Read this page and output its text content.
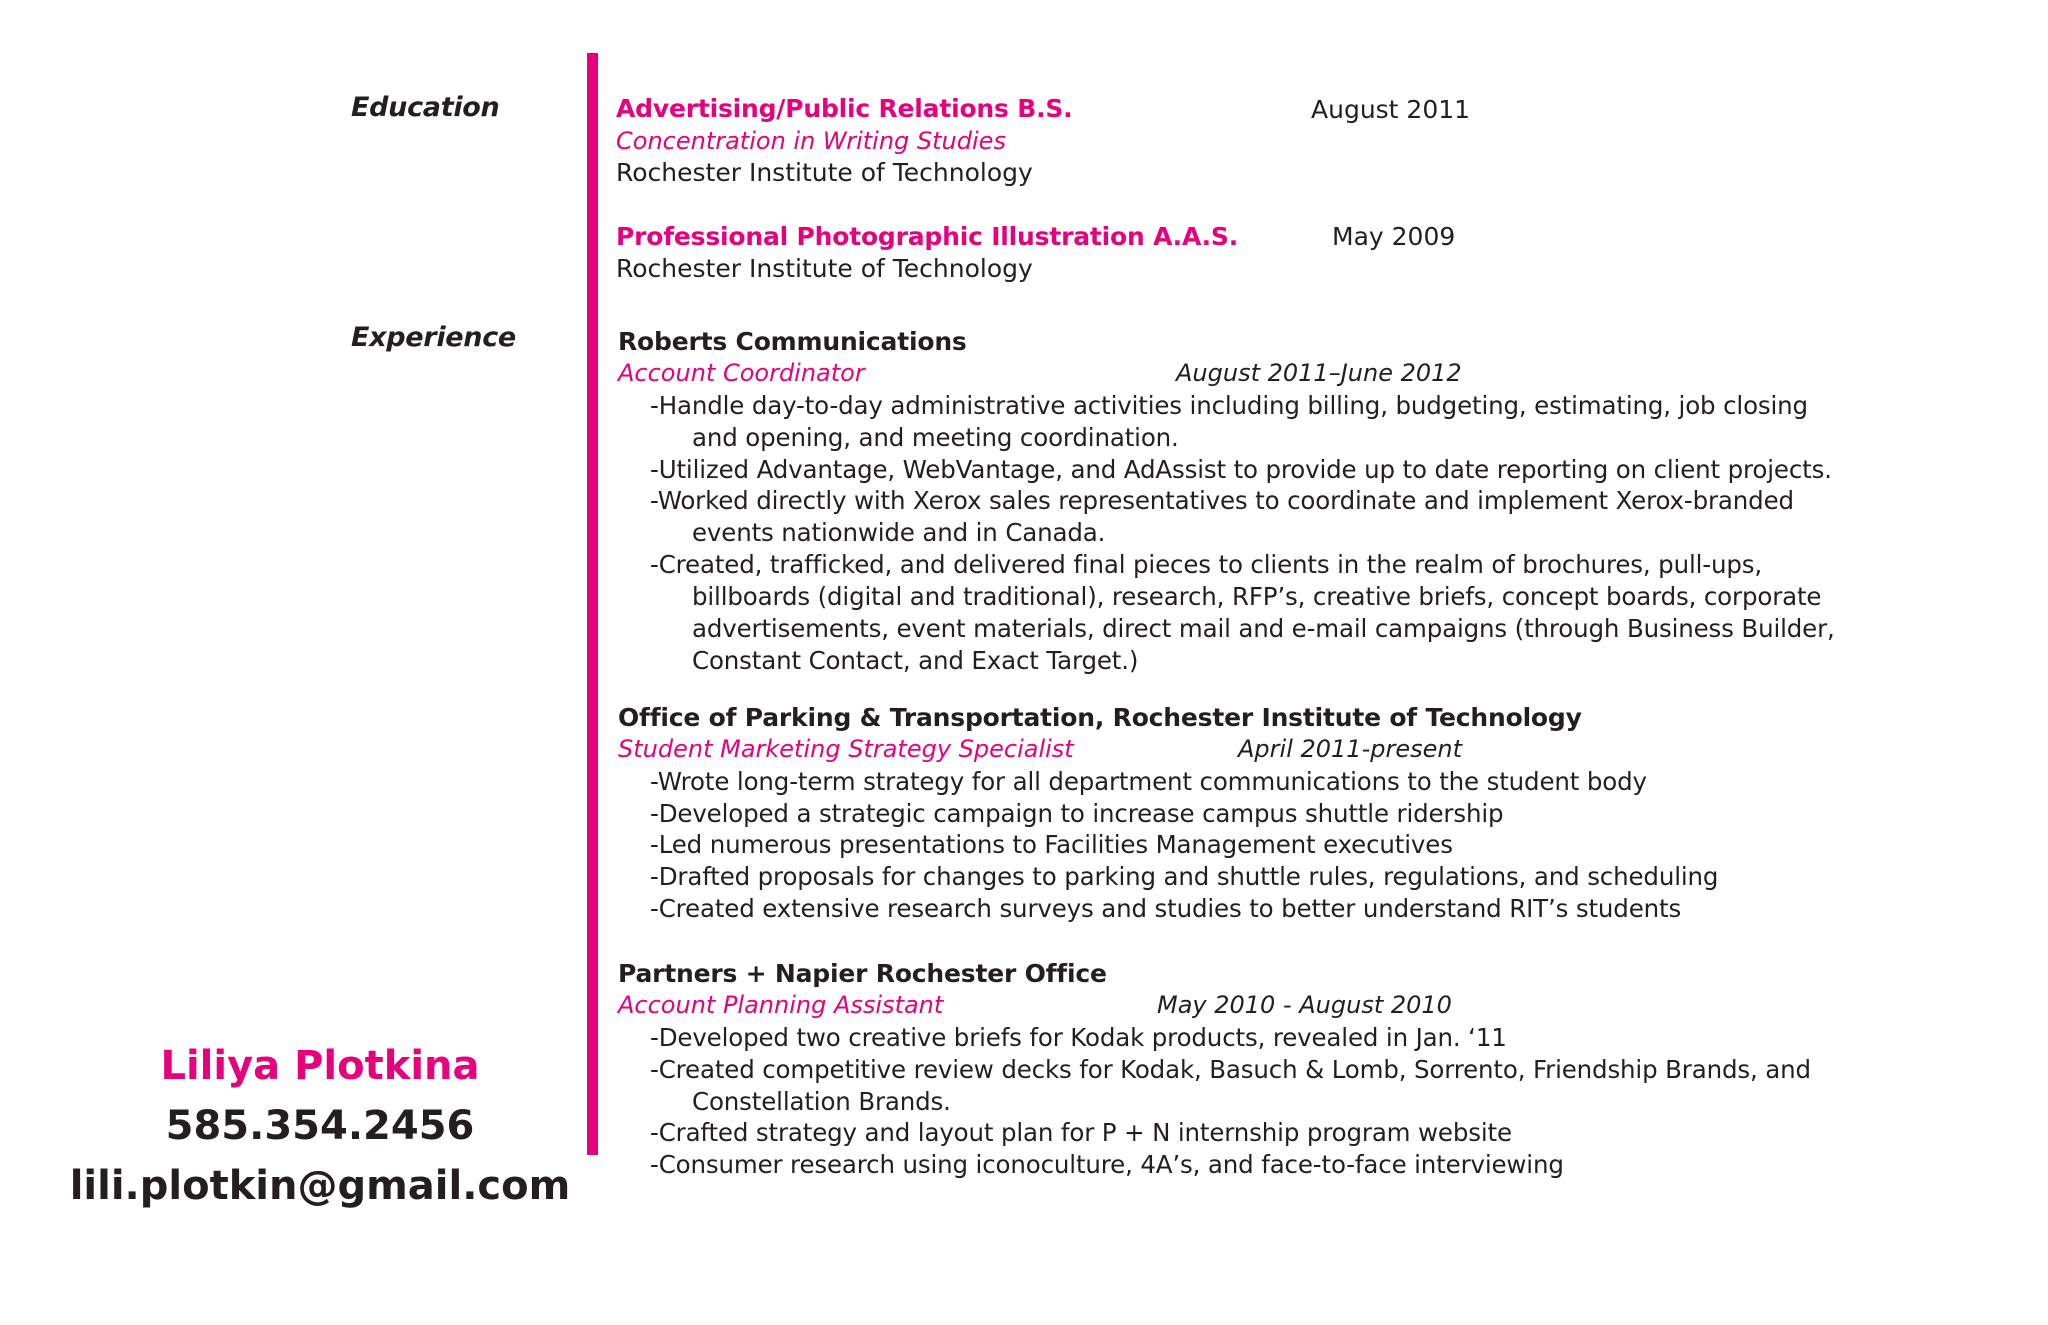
Education
Experience
Advertising/Public Relations B.S.	August 2011
Concentration in Writing Studies
Rochester Institute of Technology
Professional Photographic Illustration A.A.S.	May 2009
Rochester Institute of Technology
Roberts Communications
Account Coordinator	August 2011–June 2012
-Handle day-to-day administrative activities including billing, budgeting, estimating, job closing
and opening, and meeting coordination.
-Utilized Advantage, WebVantage, and AdAssist to provide up to date reporting on client projects.
-Worked directly with Xerox sales representatives to coordinate and implement Xerox-branded
events nationwide and in Canada.
-Created, trafficked, and delivered final pieces to clients in the realm of brochures, pull-ups,
billboards (digital and traditional), research, RFP’s, creative briefs, concept boards, corporate
advertisements, event materials, direct mail and e-mail campaigns (through Business Builder,
Constant Contact, and Exact Target.)
Office of Parking & Transportation, Rochester Institute of Technology
Student Marketing Strategy Specialist	April 2011-present
-Wrote long-term strategy for all department communications to the student body
-Developed a strategic campaign to increase campus shuttle ridership
-Led numerous presentations to Facilities Management executives
-Drafted proposals for changes to parking and shuttle rules, regulations, and scheduling
-Created extensive research surveys and studies to better understand RIT’s students
Partners + Napier Rochester Office
Account Planning Assistant	May 2010 - August 2010
-Developed two creative briefs for Kodak products, revealed in Jan. ‘11
-Created competitive review decks for Kodak, Basuch & Lomb, Sorrento, Friendship Brands, and
Constellation Brands.
-Crafted strategy and layout plan for P + N internship program website
-Consumer research using iconoculture, 4A’s, and face-to-face interviewing
Liliya Plotkina
585.354.2456
lili.plotkin@gmail.com
